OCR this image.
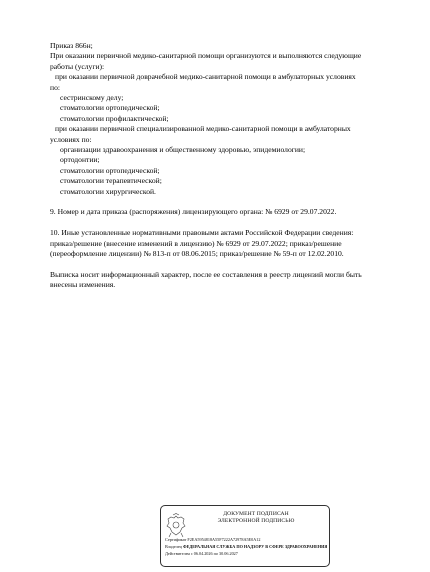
Приказ 866н;
При оказании первичной медико-санитарной помощи организуются и выполняются следующие
работы (услуги):
при оказании первичной доврачебной медико-санитарной помощи в амбулаторных условиях
по:
сестринскому делу;
стоматологии ортопедической;
стоматологии профилактической;
при оказании первичной специализированной медико-санитарной помощи в амбулаторных
условиях по:
организации здравоохранения и общественному здоровью, эпидемиологии;
ортодонтии;
стоматологии ортопедической;
стоматологии терапевтической;
стоматологии хирургической.
9. Номер и дата приказа (распоряжения) лицензирующего органа: № 6929 от 29.07.2022.
10. Иные установленные нормативными правовыми актами Российской Федерации сведения:
приказ/решение (внесение изменений в лицензию) № 6929 от 29.07.2022; приказ/решение
(переоформление лицензии) № 813-п от 08.06.2015; приказ/решение № 59-п от 12.02.2010.
Выписка носит информационный характер, после ее составления в реестр лицензий могли быть
внесены изменения.
ДОКУМЕНТ ПОДПИСАН
ЭЛЕКТРОННОЙ ПОДПИСЬЮ
Сертификат F2EA5954818A55F7222A72978A5E0A12
Владелец ФЕДЕРАЛЬНАЯ СЛУЖБА ПО НАДЗОРУ В СФЕРЕ ЗДРАВООХРАНЕНИЯ
Действителен с 06.04.2026 по 30.06.2027
